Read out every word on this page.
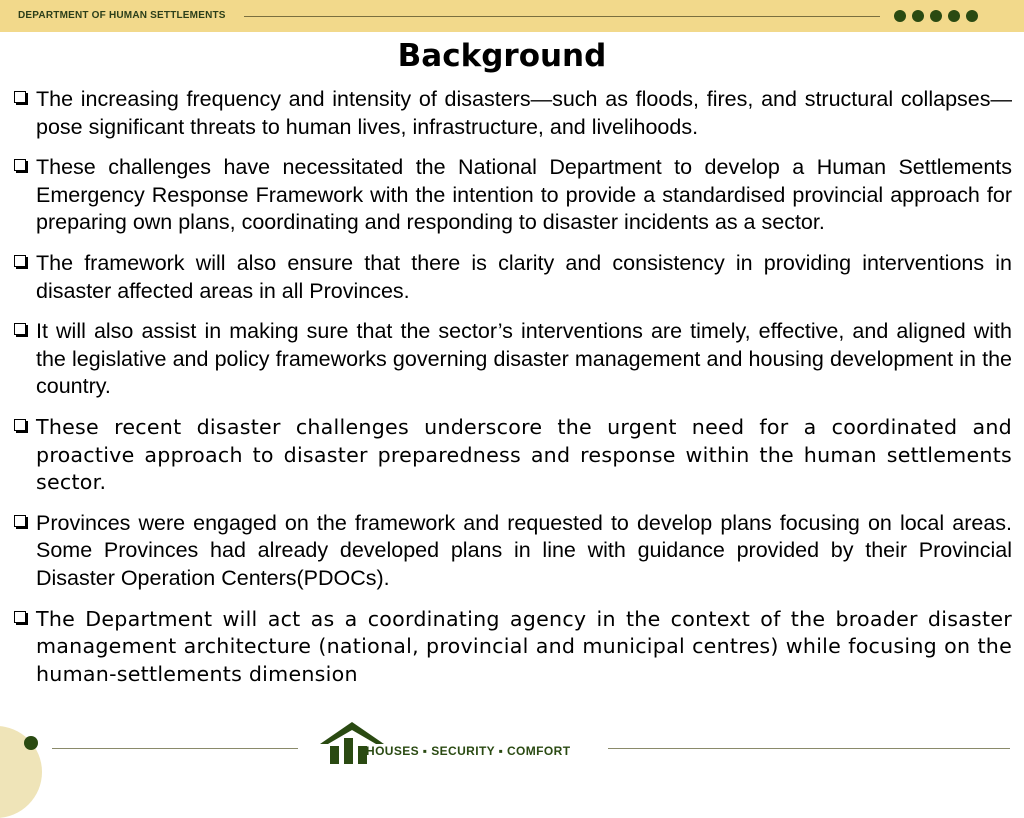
DEPARTMENT OF HUMAN SETTLEMENTS
Background
The increasing frequency and intensity of disasters—such as floods, fires, and structural collapses—pose significant threats to human lives, infrastructure, and livelihoods.
These challenges have necessitated the National Department to develop a Human Settlements Emergency Response Framework with the intention to provide a standardised provincial approach for preparing own plans, coordinating and responding to disaster incidents as a sector.
The framework will also ensure that there is clarity and consistency in providing interventions in disaster affected areas in all Provinces.
It will also assist in making sure that the sector’s interventions are timely, effective, and aligned with the legislative and policy frameworks governing disaster management and housing development in the country.
These recent disaster challenges underscore the urgent need for a coordinated and proactive approach to disaster preparedness and response within the human settlements sector.
Provinces were engaged on the framework and requested to develop plans focusing on local areas. Some Provinces had already developed plans in line with guidance provided by their Provincial Disaster Operation Centers(PDOCs).
The Department will act as a coordinating agency in the context of the broader disaster management architecture (national, provincial and municipal centres) while focusing on the human-settlements dimension
HOUSES ▪ SECURITY ▪ COMFORT
